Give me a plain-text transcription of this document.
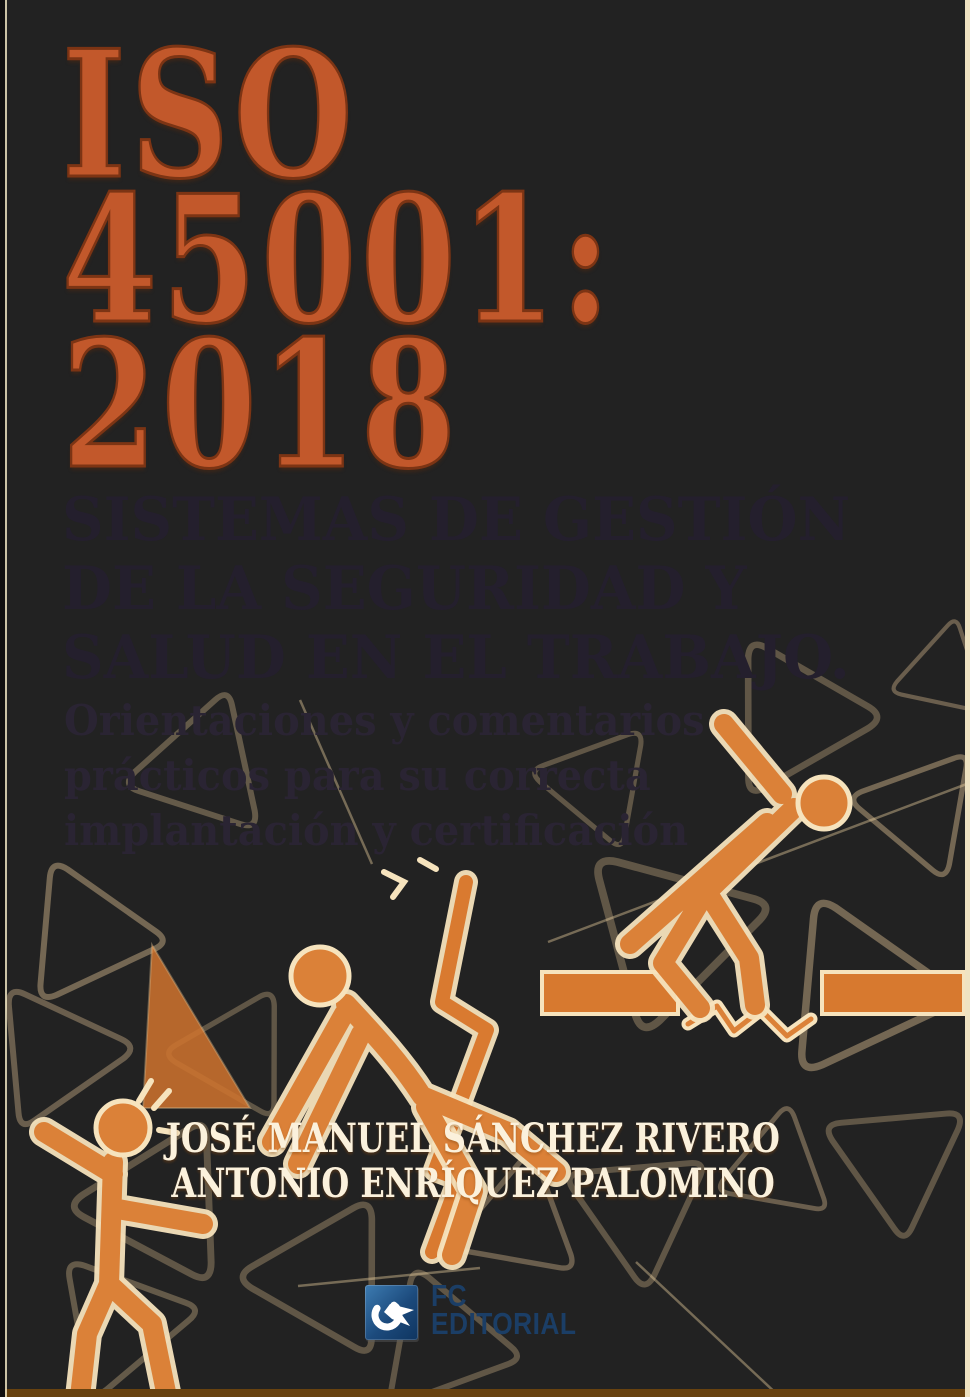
ISO
45001:
2018
SISTEMAS DE GESTIÓN
DE LA SEGURIDAD Y
SALUD EN EL TRABAJO.
Orientaciones y comentarios
prácticos para su correcta
implantación y certificación
JOSÉ MANUEL SÁNCHEZ RIVERO
ANTONIO ENRÍQUEZ PALOMINO
FC
EDITORIAL
